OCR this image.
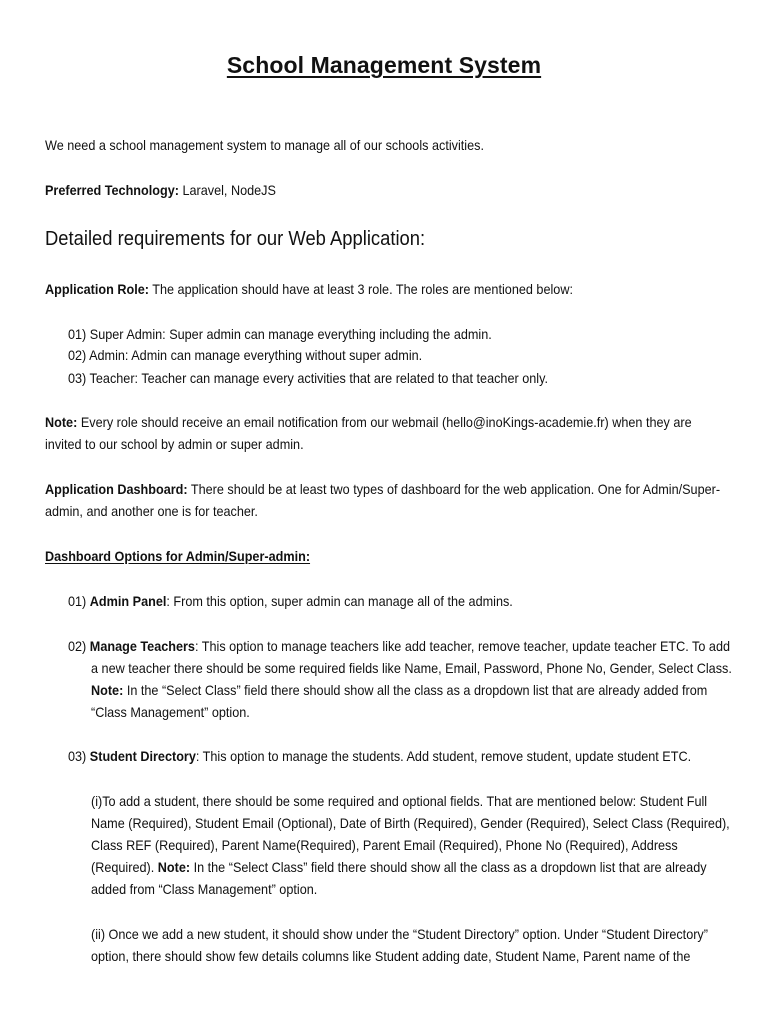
School Management System
We need a school management system to manage all of our schools activities.
Preferred Technology: Laravel, NodeJS
Detailed requirements for our Web Application:
Application Role: The application should have at least 3 role. The roles are mentioned below:
01) Super Admin: Super admin can manage everything including the admin.
02) Admin: Admin can manage everything without super admin.
03) Teacher: Teacher can manage every activities that are related to that teacher only.
Note: Every role should receive an email notification from our webmail (hello@inoKings-academie.fr) when they are
invited to our school by admin or super admin.
Application Dashboard: There should be at least two types of dashboard for the web application. One for Admin/Super-
admin, and another one is for teacher.
Dashboard Options for Admin/Super-admin:
01) Admin Panel: From this option, super admin can manage all of the admins.
02) Manage Teachers: This option to manage teachers like add teacher, remove teacher, update teacher ETC. To add
a new teacher there should be some required fields like Name, Email, Password, Phone No, Gender, Select Class.
Note: In the “Select Class” field there should show all the class as a dropdown list that are already added from
“Class Management” option.
03) Student Directory: This option to manage the students. Add student, remove student, update student ETC.
(i)To add a student, there should be some required and optional fields. That are mentioned below: Student Full
Name (Required), Student Email (Optional), Date of Birth (Required), Gender (Required), Select Class (Required),
Class REF (Required), Parent Name(Required), Parent Email (Required), Phone No (Required), Address
(Required). Note: In the “Select Class” field there should show all the class as a dropdown list that are already
added from “Class Management” option.
(ii) Once we add a new student, it should show under the “Student Directory” option. Under “Student Directory”
option, there should show few details columns like Student adding date, Student Name, Parent name of the
